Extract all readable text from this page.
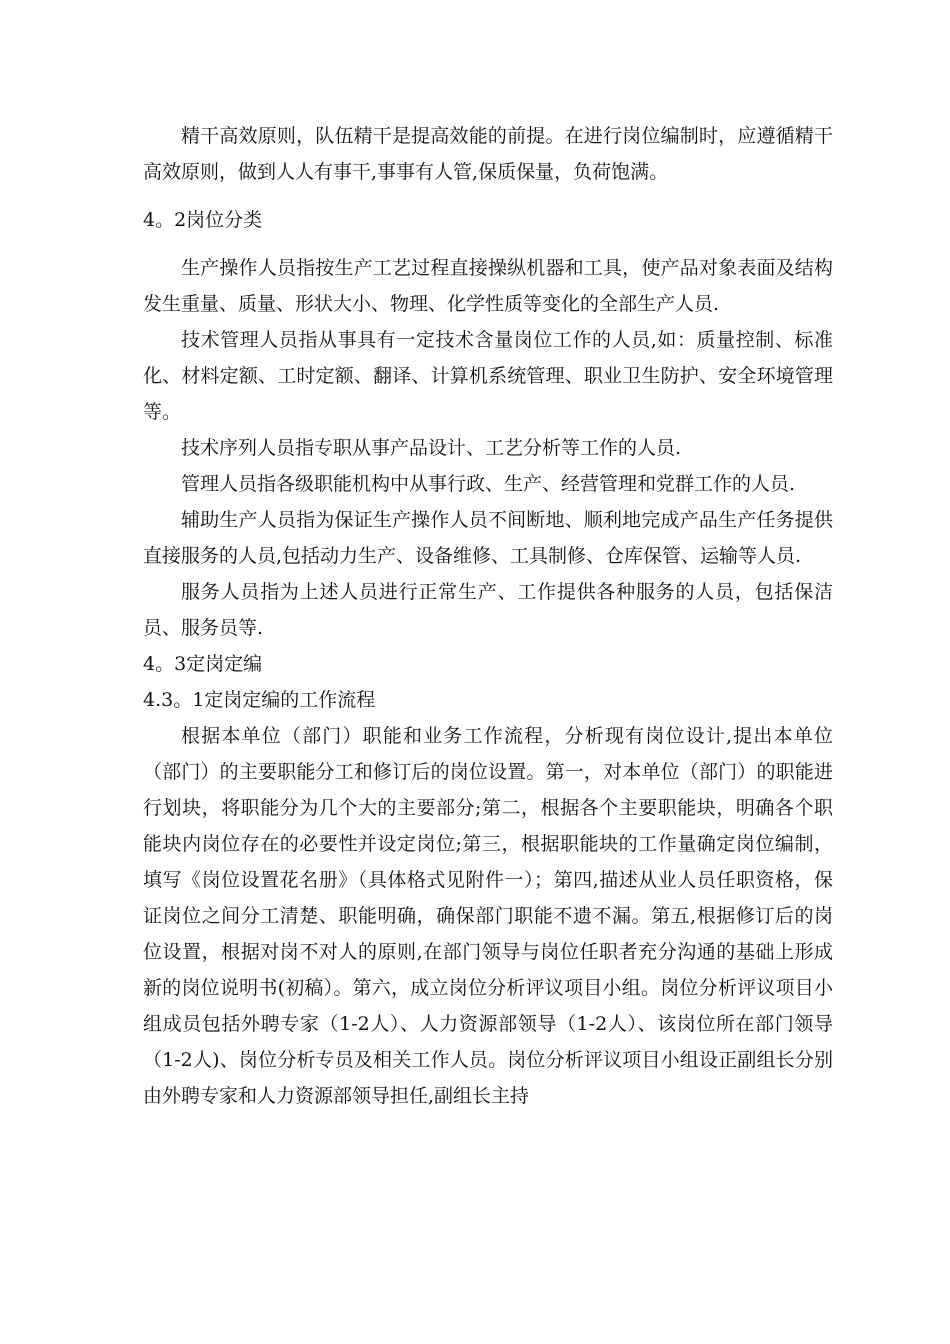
精干高效原则，队伍精干是提高效能的前提。在进行岗位编制时，应遵循精干高效原则，做到人人有事干,事事有人管,保质保量，负荷饱满。

4。2岗位分类

生产操作人员指按生产工艺过程直接操纵机器和工具，使产品对象表面及结构发生重量、质量、形状大小、物理、化学性质等变化的全部生产人员.

技术管理人员指从事具有一定技术含量岗位工作的人员,如：质量控制、标准化、材料定额、工时定额、翻译、计算机系统管理、职业卫生防护、安全环境管理等。

技术序列人员指专职从事产品设计、工艺分析等工作的人员.

管理人员指各级职能机构中从事行政、生产、经营管理和党群工作的人员.

辅助生产人员指为保证生产操作人员不间断地、顺利地完成产品生产任务提供直接服务的人员,包括动力生产、设备维修、工具制修、仓库保管、运输等人员.

服务人员指为上述人员进行正常生产、工作提供各种服务的人员，包括保洁员、服务员等.

4。3定岗定编

4.3。1定岗定编的工作流程

根据本单位（部门）职能和业务工作流程，分析现有岗位设计,提出本单位（部门）的主要职能分工和修订后的岗位设置。第一，对本单位（部门）的职能进行划块，将职能分为几个大的主要部分;第二，根据各个主要职能块，明确各个职能块内岗位存在的必要性并设定岗位;第三，根据职能块的工作量确定岗位编制，填写《岗位设置花名册》（具体格式见附件一）；第四,描述从业人员任职资格，保证岗位之间分工清楚、职能明确，确保部门职能不遗不漏。第五,根据修订后的岗位设置，根据对岗不对人的原则,在部门领导与岗位任职者充分沟通的基础上形成新的岗位说明书(初稿）。第六，成立岗位分析评议项目小组。岗位分析评议项目小组成员包括外聘专家（1-2人）、人力资源部领导（1-2人）、该岗位所在部门领导（1-2人)、岗位分析专员及相关工作人员。岗位分析评议项目小组设正副组长分别由外聘专家和人力资源部领导担任,副组长主持
